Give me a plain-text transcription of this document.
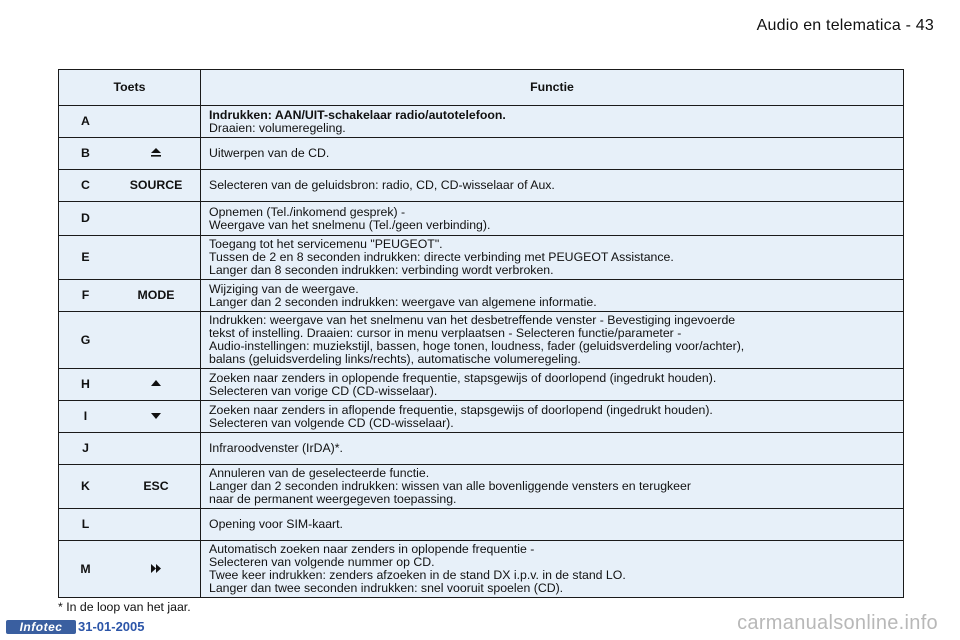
Audio en telematica - 43
Toets		Functie
A		Indrukken: AAN/UIT-schakelaar radio/autotelefoon.
Draaien: volumeregeling.

B		Uitwerpen van de CD.

C	SOURCE	Selecteren van de geluidsbron: radio, CD, CD-wisselaar of Aux.

D		Opnemen (Tel./inkomend gesprek) -
Weergave van het snelmenu (Tel./geen verbinding).

E		Toegang tot het servicemenu "PEUGEOT".
Tussen de 2 en 8 seconden indrukken: directe verbinding met PEUGEOT Assistance.
Langer dan 8 seconden indrukken: verbinding wordt verbroken.

F	MODE	Wijziging van de weergave.
Langer dan 2 seconden indrukken: weergave van algemene informatie.

G		Indrukken: weergave van het snelmenu van het desbetreffende venster - Bevestiging ingevoerde
tekst of instelling. Draaien: cursor in menu verplaatsen - Selecteren functie/parameter -
Audio-instellingen: muziekstijl, bassen, hoge tonen, loudness, fader (geluidsverdeling voor/achter),
balans (geluidsverdeling links/rechts), automatische volumeregeling.

H		Zoeken naar zenders in oplopende frequentie, stapsgewijs of doorlopend (ingedrukt houden).
Selecteren van vorige CD (CD-wisselaar).

I		Zoeken naar zenders in aflopende frequentie, stapsgewijs of doorlopend (ingedrukt houden).
Selecteren van volgende CD (CD-wisselaar).

J		Infraroodvenster (IrDA)*.

K	ESC	Annuleren van de geselecteerde functie.
Langer dan 2 seconden indrukken: wissen van alle bovenliggende vensters en terugkeer
naar de permanent weergegeven toepassing.

L		Opening voor SIM-kaart.

M		Automatisch zoeken naar zenders in oplopende frequentie -
Selecteren van volgende nummer op CD.
Twee keer indrukken: zenders afzoeken in de stand DX i.p.v. in de stand LO.
Langer dan twee seconden indrukken: snel vooruit spoelen (CD).
* In de loop van het jaar.
Infotec	31-01-2005	carmanualsonline.info
